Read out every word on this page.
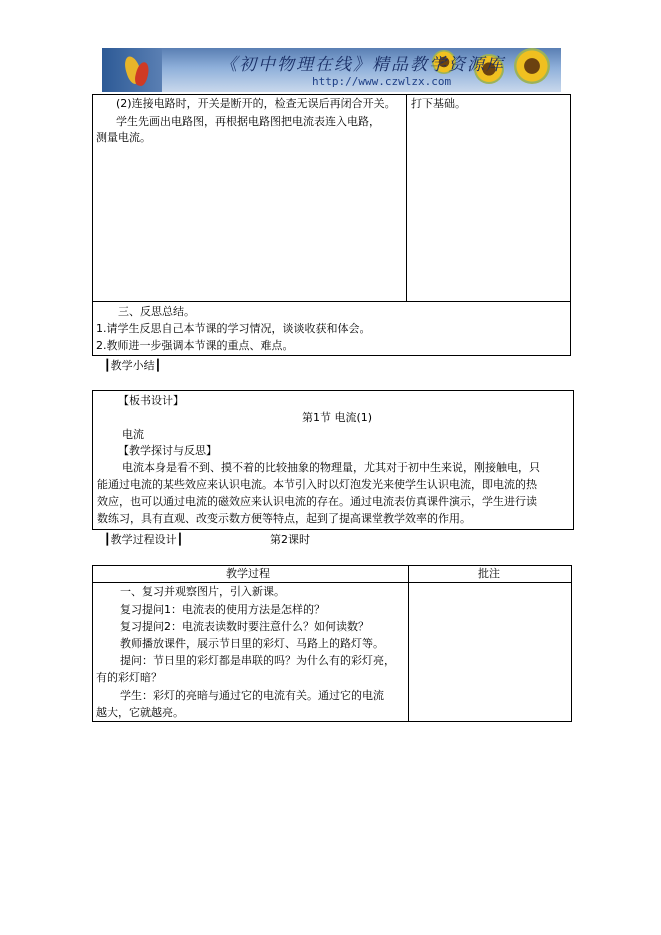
《初中物理在线》精品教学资源库
http://www.czwlzx.com
(2)连接电路时，开关是断开的，检查无误后再闭合开关。
学生先画出电路图，再根据电路图把电流表连入电路，
测量电流。
打下基础。
三、反思总结。
1.请学生反思自己本节课的学习情况，谈谈收获和体会。
2.教师进一步强调本节课的重点、难点。
┃教学小结┃
【板书设计】
第1节 电流(1)
电流
【教学探讨与反思】
电流本身是看不到、摸不着的比较抽象的物理量，尤其对于初中生来说，刚接触电，只
能通过电流的某些效应来认识电流。本节引入时以灯泡发光来使学生认识电流，即电流的热
效应，也可以通过电流的磁效应来认识电流的存在。通过电流表仿真课件演示，学生进行读
数练习，具有直观、改变示数方便等特点，起到了提高课堂教学效率的作用。
┃教学过程设计┃	第2课时
教学过程	批注
一、复习并观察图片，引入新课。
复习提问1：电流表的使用方法是怎样的？
复习提问2：电流表读数时要注意什么？如何读数？
教师播放课件，展示节日里的彩灯、马路上的路灯等。
提问：节日里的彩灯都是串联的吗？为什么有的彩灯亮，
有的彩灯暗？
学生：彩灯的亮暗与通过它的电流有关。通过它的电流
越大，它就越亮。
